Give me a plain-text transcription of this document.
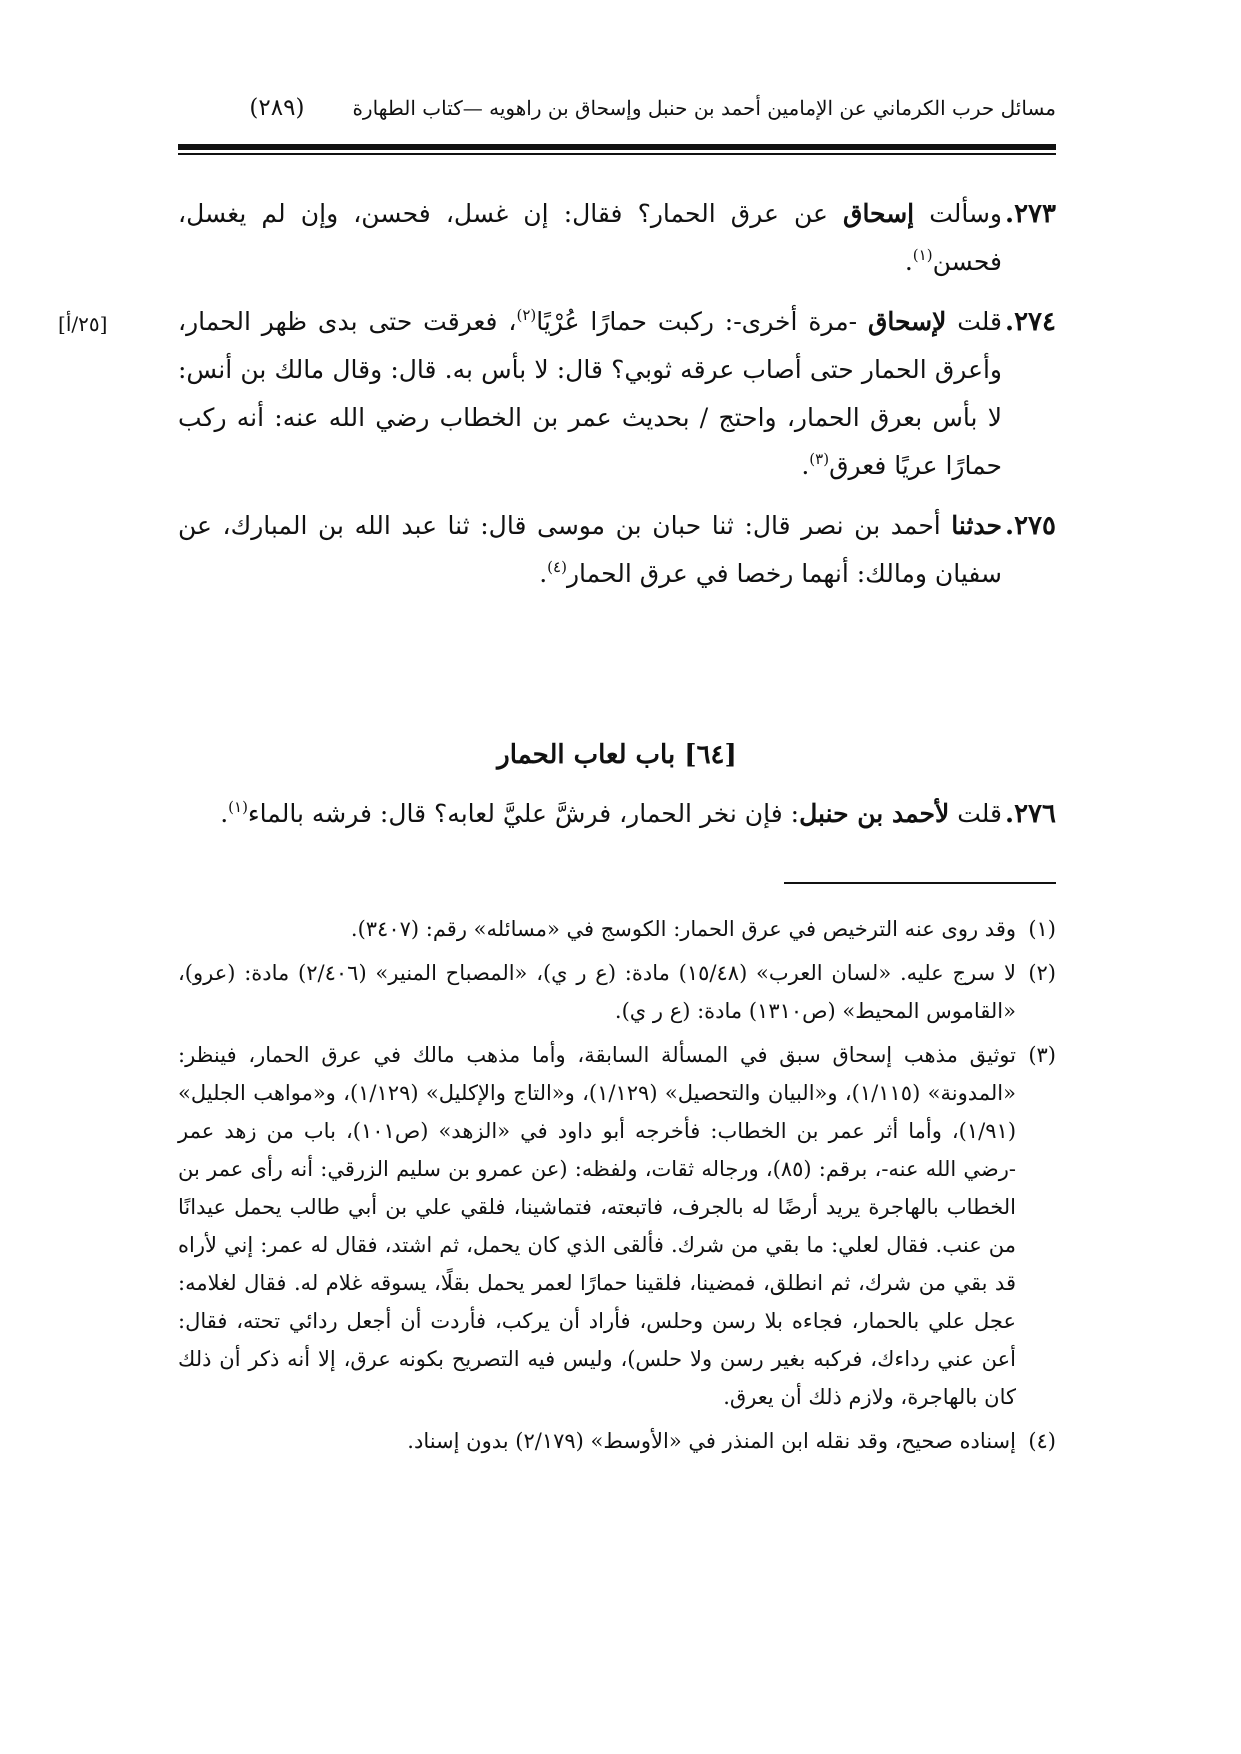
مسائل حرب الكرماني عن الإمامين أحمد بن حنبل وإسحاق بن راهويه —كتاب الطهارة
(٢٨٩)
[٢٥/أ]

٢٧٣.
وسألت إسحاق عن عرق الحمار؟ فقال: إن غسل، فحسن، وإن لم يغسل، فحسن$^{(١)}$.

٢٧٤.
قلت لإسحاق -مرة أخرى-: ركبت حمارًا عُرْيًا$^{(٢)}$، فعرقت حتى بدى ظهر الحمار، وأعرق الحمار حتى أصاب عرقه ثوبي؟ قال: لا بأس به. قال: وقال مالك بن أنس: لا بأس بعرق الحمار، واحتج / بحديث عمر بن الخطاب رضي الله عنه: أنه ركب حمارًا عريًا فعرق$^{(٣)}$.

٢٧٥.
حدثنا أحمد بن نصر قال: ثنا حبان بن موسى قال: ثنا عبد الله بن المبارك، عن سفيان ومالك: أنهما رخصا في عرق الحمار$^{(٤)}$.

[٦٤] باب لعاب الحمار

٢٧٦.
قلت لأحمد بن حنبل: فإن نخر الحمار، فرشَّ عليَّ لعابه؟ قال: فرشه بالماء$^{(١)}$.

(١)
وقد روى عنه الترخيص في عرق الحمار: الكوسج في «مسائله» رقم: (٣٤٠٧).

(٢)
لا سرج عليه. «لسان العرب» (١٥/٤٨) مادة: (ع ر ي)، «المصباح المنير» (٢/٤٠٦) مادة: (عرو)، «القاموس المحيط» (ص١٣١٠) مادة: (ع ر ي).

(٣)
توثيق مذهب إسحاق سبق في المسألة السابقة، وأما مذهب مالك في عرق الحمار، فينظر: «المدونة» (١/١١٥)، و«البيان والتحصيل» (١/١٢٩)، و«التاج والإكليل» (١/١٢٩)، و«مواهب الجليل» (١/٩١)، وأما أثر عمر بن الخطاب: فأخرجه أبو داود في «الزهد» (ص١٠١)، باب من زهد عمر -رضي الله عنه-، برقم: (٨٥)، ورجاله ثقات، ولفظه: (عن عمرو بن سليم الزرقي: أنه رأى عمر بن الخطاب بالهاجرة يريد أرضًا له بالجرف، فاتبعته، فتماشينا، فلقي علي بن أبي طالب يحمل عيدانًا من عنب. فقال لعلي: ما بقي من شرك. فألقى الذي كان يحمل، ثم اشتد، فقال له عمر: إني لأراه قد بقي من شرك، ثم انطلق، فمضينا، فلقينا حمارًا لعمر يحمل بقلًا، يسوقه غلام له. فقال لغلامه: عجل علي بالحمار، فجاءه بلا رسن وحلس، فأراد أن يركب، فأردت أن أجعل ردائي تحته، فقال: أعن عني رداءك، فركبه بغير رسن ولا حلس)، وليس فيه التصريح بكونه عرق، إلا أنه ذكر أن ذلك كان بالهاجرة، ولازم ذلك أن يعرق.

(٤)
إسناده صحيح، وقد نقله ابن المنذر في «الأوسط» (٢/١٧٩) بدون إسناد.
